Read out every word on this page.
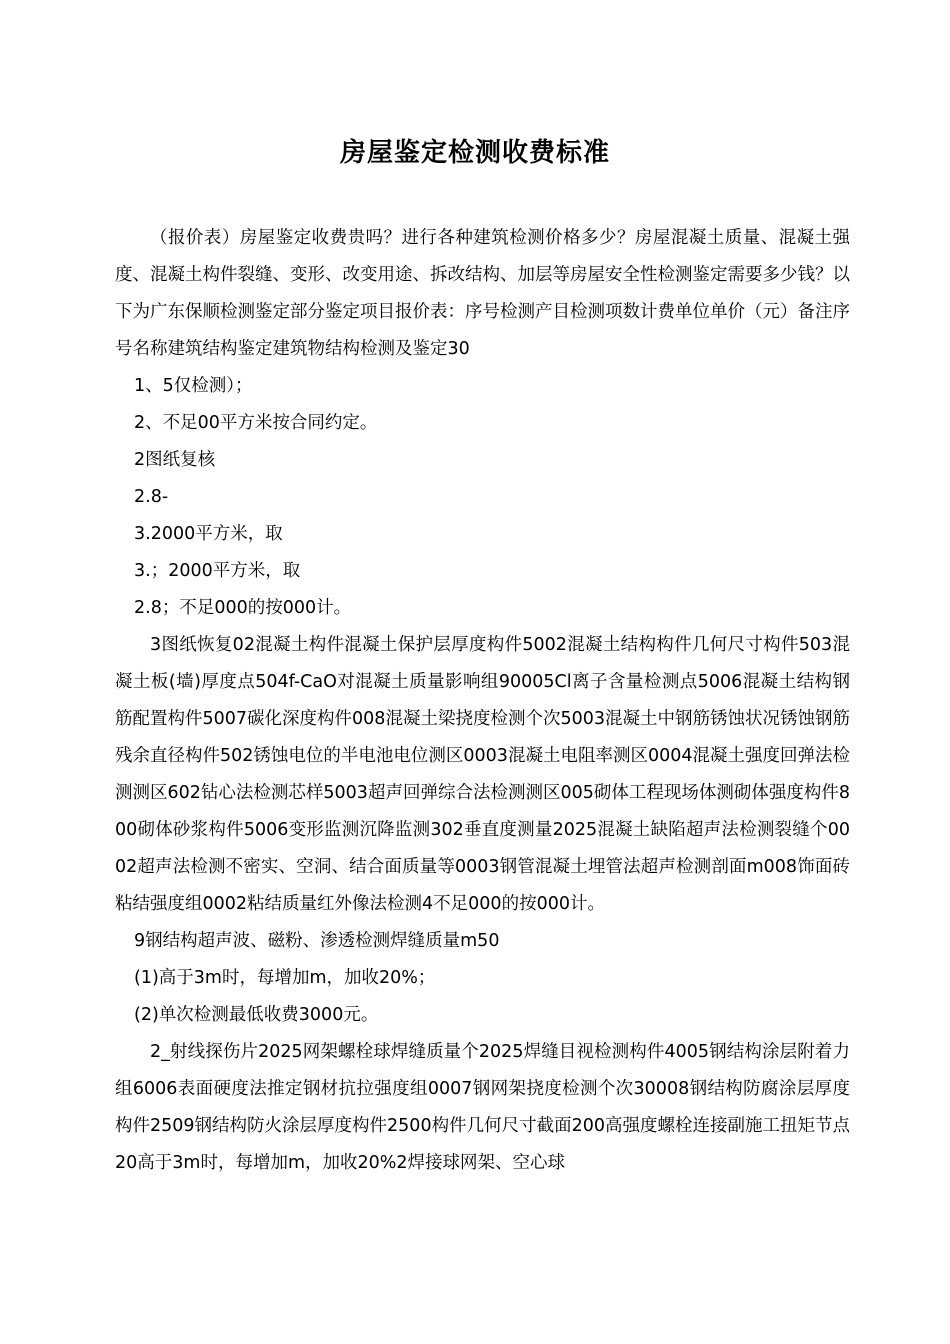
房屋鉴定检测收费标准

（报价表）房屋鉴定收费贵吗？进行各种建筑检测价格多少？房屋混凝土质量、混凝土强度、混凝土构件裂缝、变形、改变用途、拆改结构、加层等房屋安全性检测鉴定需要多少钱？以下为广东保顺检测鉴定部分鉴定项目报价表：序号检测产目检测项数计费单位单价（元）备注序号名称建筑结构鉴定建筑物结构检测及鉴定30

1、5仅检测）；

2、不足00平方米按合同约定。

2图纸复核

2.8-

3.2000平方米，取

3.；2000平方米，取

2.8；不足000的按000计。

3图纸恢复02混凝土构件混凝土保护层厚度构件5002混凝土结构构件几何尺寸构件503混凝土板(墙)厚度点504f-CaO对混凝土质量影响组90005Cl离子含量检测点5006混凝土结构钢筋配置构件5007碳化深度构件008混凝土梁挠度检测个次5003混凝土中钢筋锈蚀状况锈蚀钢筋残余直径构件502锈蚀电位的半电池电位测区0003混凝土电阻率测区0004混凝土强度回弹法检测测区602钻心法检测芯样5003超声回弹综合法检测测区005砌体工程现场体测砌体强度构件800砌体砂浆构件5006变形监测沉降监测302垂直度测量2025混凝土缺陷超声法检测裂缝个0002超声法检测不密实、空洞、结合面质量等0003钢管混凝土埋管法超声检测剖面m008饰面砖粘结强度组0002粘结质量红外像法检测4不足000的按000计。

9钢结构超声波、磁粉、渗透检测焊缝质量m50

(1)高于3m时，每增加m，加收20%；

(2)单次检测最低收费3000元。

2_射线探伤片2025网架螺栓球焊缝质量个2025焊缝目视检测构件4005钢结构涂层附着力组6006表面硬度法推定钢材抗拉强度组0007钢网架挠度检测个次30008钢结构防腐涂层厚度构件2509钢结构防火涂层厚度构件2500构件几何尺寸截面200高强度螺栓连接副施工扭矩节点20高于3m时，每增加m，加收20%2焊接球网架、空心球
